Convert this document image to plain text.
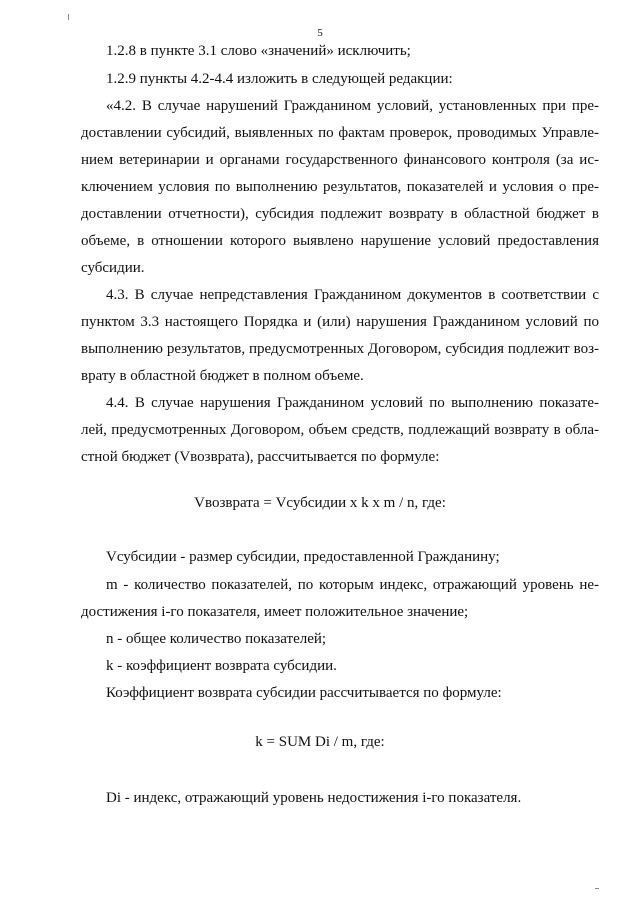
5
1.2.8 в пункте 3.1 слово «значений» исключить;
1.2.9 пункты 4.2-4.4 изложить в следующей редакции:
«4.2. В случае нарушений Гражданином условий, установленных при пре-
доставлении субсидий, выявленных по фактам проверок, проводимых Управле-
нием ветеринарии и органами государственного финансового контроля (за ис-
ключением условия по выполнению результатов, показателей и условия о пре-
доставлении отчетности), субсидия подлежит возврату в областной бюджет в
объеме, в отношении которого выявлено нарушение условий предоставления
субсидии.
4.3. В случае непредставления Гражданином документов в соответствии с
пунктом 3.3 настоящего Порядка и (или) нарушения Гражданином условий по
выполнению результатов, предусмотренных Договором, субсидия подлежит воз-
врату в областной бюджет в полном объеме.
4.4. В случае нарушения Гражданином условий по выполнению показате-
лей, предусмотренных Договором, объем средств, подлежащий возврату в обла-
стной бюджет (Vвозврата), рассчитывается по формуле:
Vвозврата = Vсубсидии x k x m / n, где:
Vсубсидии - размер субсидии, предоставленной Гражданину;
m - количество показателей, по которым индекс, отражающий уровень не-
достижения i-го показателя, имеет положительное значение;
n - общее количество показателей;
k - коэффициент возврата субсидии.
Коэффициент возврата субсидии рассчитывается по формуле:
k = SUM Di / m, где:
Di - индекс, отражающий уровень недостижения i-го показателя.
